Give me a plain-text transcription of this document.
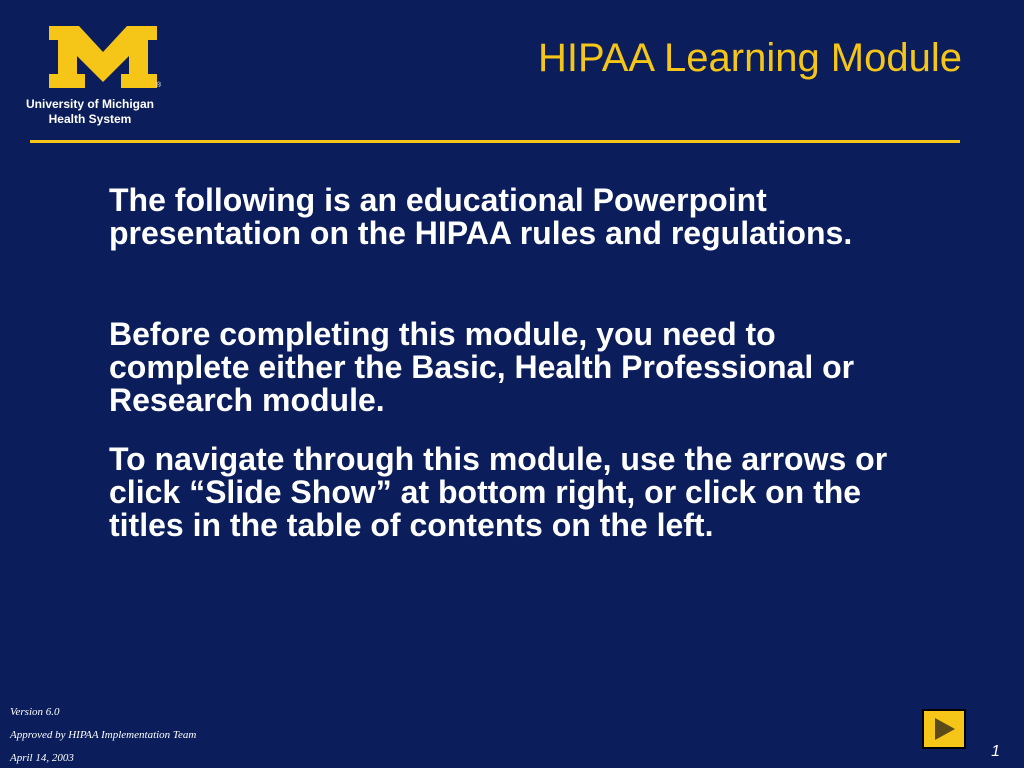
®
University of Michigan
Health System
HIPAA Learning Module

The following is an educational Powerpoint presentation on the HIPAA rules and regulations.

Before completing this module, you need to complete either the Basic, Health Professional or Research module.

To navigate through this module, use the arrows or click “Slide Show” at bottom right, or click on the titles in the table of contents on the left.

Version 6.0
Approved by HIPAA Implementation Team
April 14, 2003	1
